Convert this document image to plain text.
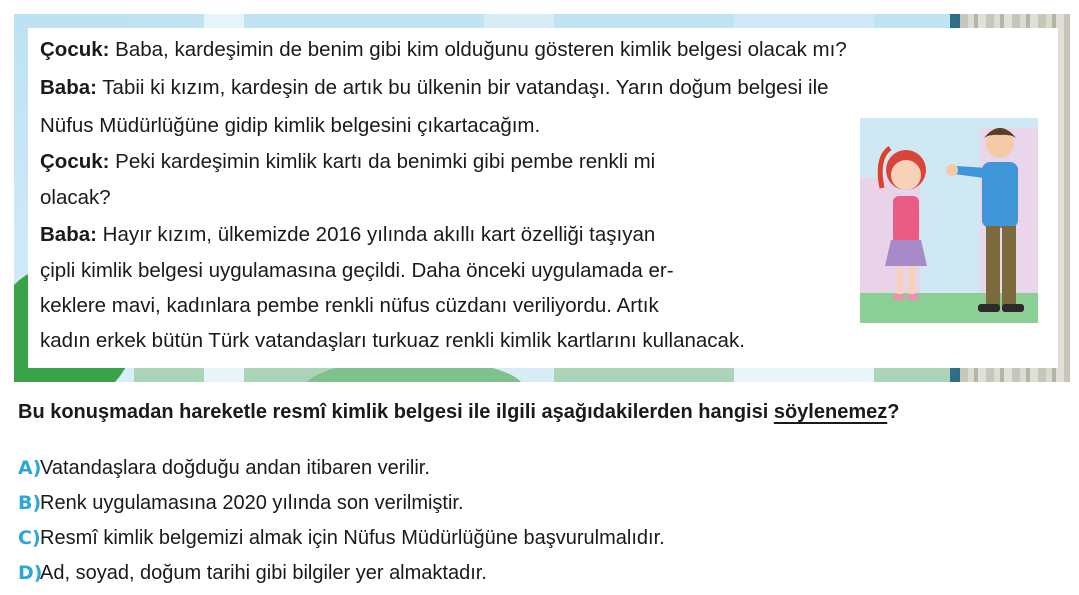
Çocuk: Baba, kardeşimin de benim gibi kim olduğunu gösteren kimlik belgesi olacak mı?
Baba: Tabii ki kızım, kardeşin de artık bu ülkenin bir vatandaşı. Yarın doğum belgesi ile
Nüfus Müdürlüğüne gidip kimlik belgesini çıkartacağım.
Çocuk: Peki kardeşimin kimlik kartı da benimki gibi pembe renkli mi
olacak?
Baba: Hayır kızım, ülkemizde 2016 yılında akıllı kart özelliği taşıyan
çipli kimlik belgesi uygulamasına geçildi. Daha önceki uygulamada er-
keklere mavi, kadınlara pembe renkli nüfus cüzdanı veriliyordu. Artık
kadın erkek bütün Türk vatandaşları turkuaz renkli kimlik kartlarını kullanacak.
Bu konuşmadan hareketle resmî kimlik belgesi ile ilgili aşağıdakilerden hangisi söylenemez?
A)
Vatandaşlara doğduğu andan itibaren verilir.
B)
Renk uygulamasına 2020 yılında son verilmiştir.
C) Resmî kimlik belgemizi almak için Nüfus Müdürlüğüne başvurulmalıdır.
D)
Ad, soyad, doğum tarihi gibi bilgiler yer almaktadır.
